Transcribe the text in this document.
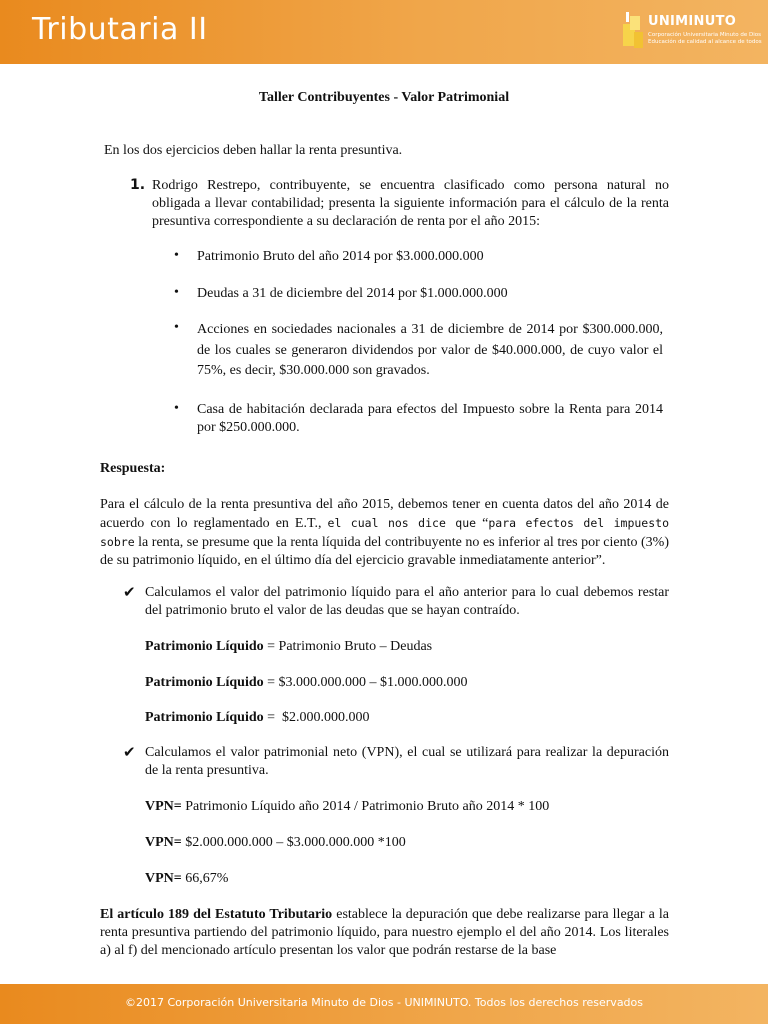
Tributaria II	UNIMINUTO
Corporación Universitaria Minuto de Dios
Educación de calidad al alcance de todos
Taller Contribuyentes - Valor Patrimonial
En los dos ejercicios deben hallar la renta presuntiva.
1. Rodrigo Restrepo, contribuyente, se encuentra clasificado como persona natural no obligada a llevar contabilidad; presenta la siguiente información para el cálculo de la renta presuntiva correspondiente a su declaración de renta por el año 2015:
• Patrimonio Bruto del año 2014 por $3.000.000.000
• Deudas a 31 de diciembre del 2014 por $1.000.000.000
• Acciones en sociedades nacionales a 31 de diciembre de 2014 por $300.000.000, de los cuales se generaron dividendos por valor de $40.000.000, de cuyo valor el 75%, es decir, $30.000.000 son gravados.
• Casa de habitación declarada para efectos del Impuesto sobre la Renta para 2014 por $250.000.000.
Respuesta:
Para el cálculo de la renta presuntiva del año 2015, debemos tener en cuenta datos del año 2014 de acuerdo con lo reglamentado en E.T., el cual nos dice que “para efectos del impuesto sobre la renta, se presume que la renta líquida del contribuyente no es inferior al tres por ciento (3%) de su patrimonio líquido, en el último día del ejercicio gravable inmediatamente anterior”.
✔ Calculamos el valor del patrimonio líquido para el año anterior para lo cual debemos restar del patrimonio bruto el valor de las deudas que se hayan contraído.
Patrimonio Líquido = Patrimonio Bruto – Deudas
Patrimonio Líquido = $3.000.000.000 – $1.000.000.000
Patrimonio Líquido =  $2.000.000.000
✔ Calculamos el valor patrimonial neto (VPN), el cual se utilizará para realizar la depuración de la renta presuntiva.
VPN= Patrimonio Líquido año 2014 / Patrimonio Bruto año 2014 * 100
VPN= $2.000.000.000 – $3.000.000.000 *100
VPN= 66,67%
El artículo 189 del Estatuto Tributario establece la depuración que debe realizarse para llegar a la renta presuntiva partiendo del patrimonio líquido, para nuestro ejemplo el del año 2014. Los literales a) al f) del mencionado artículo presentan los valor que podrán restarse de la base
©2017 Corporación Universitaria Minuto de Dios - UNIMINUTO. Todos los derechos reservados
